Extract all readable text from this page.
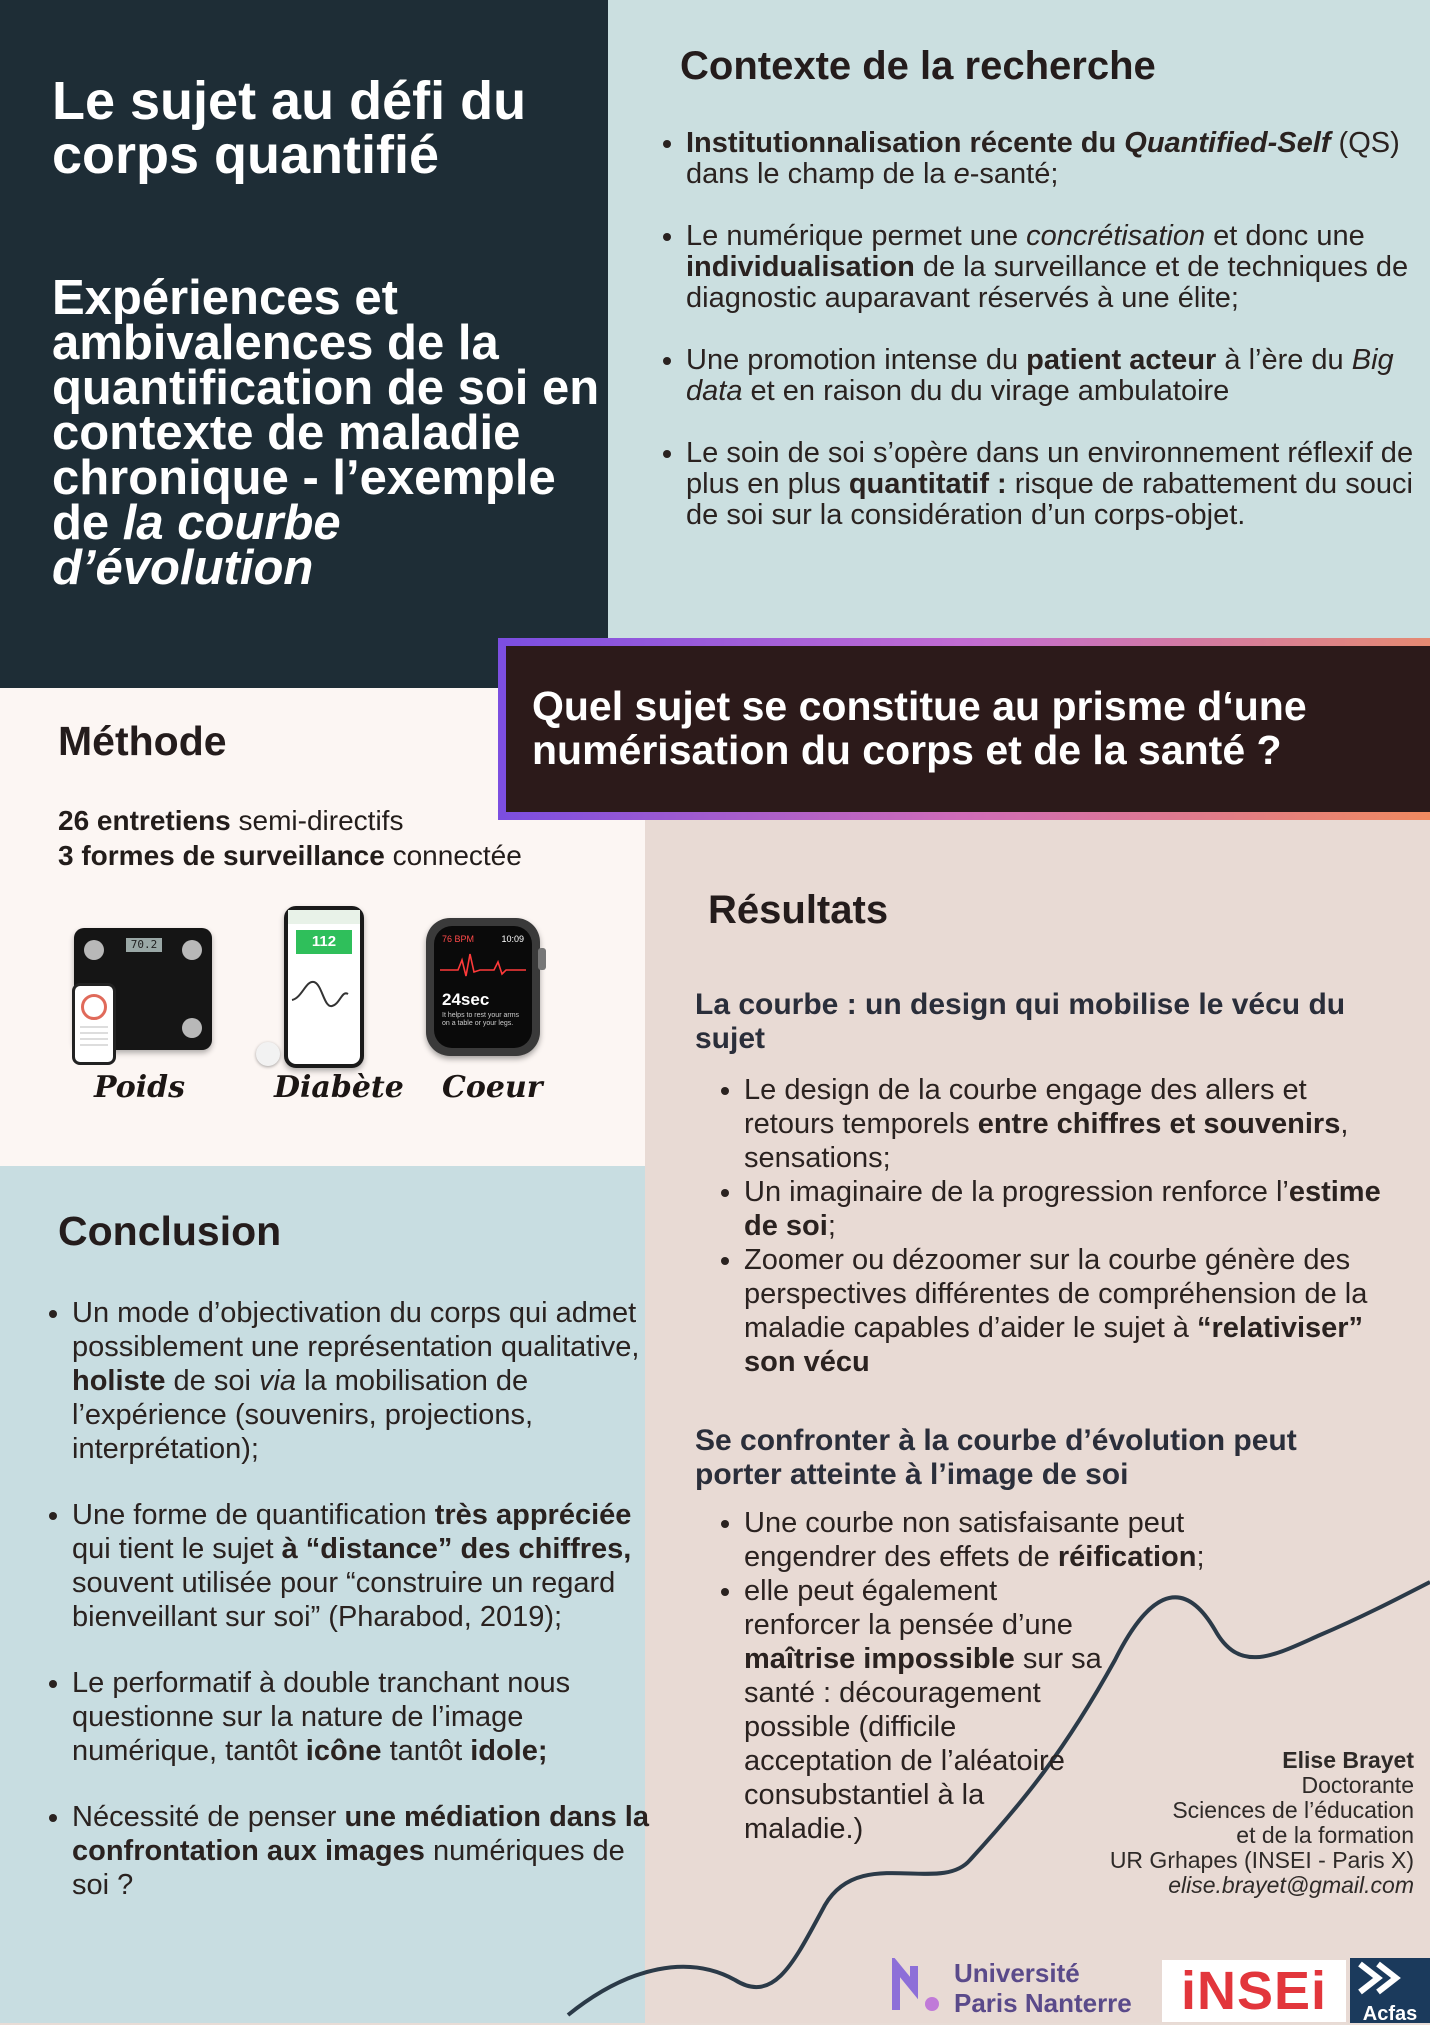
Le sujet au défi du corps quantifié
Expériences et ambivalences de la quantification de soi en contexte de maladie chronique - l’exemple de la courbe d’évolution
Contexte de la recherche
• Institutionnalisation récente du Quantified-Self (QS) dans le champ de la e-santé;
• Le numérique permet une concrétisation et donc une individualisation de la surveillance et de techniques de diagnostic auparavant réservés à une élite;
• Une promotion intense du patient acteur à l’ère du Big data et en raison du du virage ambulatoire
• Le soin de soi s’opère dans un environnement réflexif de plus en plus quantitatif : risque de rabattement du souci de soi sur la considération d’un corps-objet.
Quel sujet se constitue au prisme d‘une numérisation du corps et de la santé ?
Méthode
26 entretiens semi-directifs
3 formes de surveillance connectée
70.2	112	76 BPM	10:09
24sec
It helps to rest your arms on a table or your legs.
Poids	Diabète Coeur
Conclusion
• Un mode d’objectivation du corps qui admet possiblement une représentation qualitative, holiste de soi via la mobilisation de l’expérience (souvenirs, projections, interprétation);
• Une forme de quantification très appréciée qui tient le sujet à “distance” des chiffres, souvent utilisée pour “construire un regard bienveillant sur soi” (Pharabod, 2019);
• Le performatif à double tranchant nous questionne sur la nature de l’image numérique, tantôt icône tantôt idole;
• Nécessité de penser une médiation dans la confrontation aux images numériques de soi ?
Résultats
La courbe : un design qui mobilise le vécu du sujet
• Le design de la courbe engage des allers et retours temporels entre chiffres et souvenirs, sensations;
• Un imaginaire de la progression renforce l’estime de soi;
• Zoomer ou dézoomer sur la courbe génère des perspectives différentes de compréhension de la maladie capables d’aider le sujet à “relativiser” son vécu
Se confronter à la courbe d’évolution peut porter atteinte à l’image de soi
• Une courbe non satisfaisante peut engendrer des effets de réification;
• elle peut également renforcer la pensée d’une maîtrise impossible sur sa santé : découragement possible (difficile acceptation de l’aléatoire consubstantiel à la maladie.)
Elise Brayet
Doctorante
Sciences de l’éducation
et de la formation
UR Grhapes (INSEI - Paris X)
elise.brayet@gmail.com
Université
Paris Nanterre iNSEi	Acfas
